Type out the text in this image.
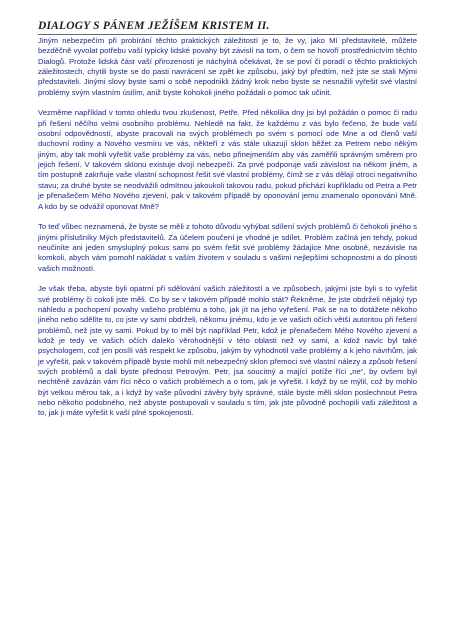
DIALOGY S PÁNEM JEŽÍŠEM KRISTEM II.

Jiným nebezpečím při probírání těchto praktických záležitostí je to, že vy, jako Mí představitelé, můžete bezděčně vyvolat potřebu vaší typicky lidské povahy být závislí na tom, o čem se hovoří prostřednictvím těchto Dialogů. Protože lidská část vaší přirozenosti je náchylná očekávat, že se poví či poradí o těchto praktických záležitostech, chytili byste se do pasti navrácení se zpět ke způsobu, jaký byl předtím, než jste se stali Mými představiteli. Jinými slovy byste sami o sobě nepodnikli žádný krok nebo byste se nesnažili vyřešit své vlastní problémy svým vlastním úsilím, aniž byste kohokoli jiného požádali o pomoc tak učinit.

Vezměme například v tomto ohledu tvou zkušenost, Petře. Před několika dny jsi byl požádán o pomoc či radu při řešení něčího velmi osobního problému. Nehledě na fakt, že každému z vás bylo řečeno, že bude vaší osobní odpovědností, abyste pracovali na svých problémech po svém s pomocí ode Mne a od členů vaší duchovní rodiny a Nového vesmíru ve vás, někteří z vás stále ukazují sklon běžet za Petrem nebo někým jiným, aby tak mohli vyřešit vaše problémy za vás, nebo přinejmenším aby vás zaměřili správným směrem pro jejich řešení. V takovém sklonu existuje dvojí nebezpečí. Za prvé podporuje vaši závislost na někom jiném, a tím postupně zakrňuje vaše vlastní schopnost řešit své vlastní problémy, čímž se z vás dělají otroci negativního stavu; za druhé byste se neodvážili odmítnou jakoukoli takovou radu, pokud přichází kupříkladu od Petra a Petr je přenašečem Mého Nového zjevení, pak v takovém případě by oponování jemu znamenalo oponování Mně. A kdo by se odvážil oponovat Mně?

To teď vůbec neznamená, že byste se měli z tohoto důvodu vyhýbat sdílení svých problémů či čehokoli jiného s jinými příslušníky Mých představitelů. Za účelem poučení je vhodné je sdílet. Problém začíná jen tehdy, pokud neučiníte ani jeden smysluplný pokus sami po svém řešit své problémy žádajíce Mne osobně, nezávisle na komkoli, abych vám pomohl nakládat s vaším životem v souladu s vašimi nejlepšími schopnostmi a do plnosti vašich možností.

Je však třeba, abyste byli opatrní při sdělování vašich záležitostí a ve způsobech, jakými jste byli s to vyřešit své problémy či cokoli jste měli. Co by se v takovém případě mohlo stát? Řekněme, že jste obdrželi nějaký typ náhledu a pochopení povahy vašeho problému a toho, jak jít na jeho vyřešení. Pak se na to dotážete někoho jiného nebo sdělíte to, co jste vy sami obdrželi, někomu jinému, kdo je ve vašich očích větší autoritou při řešení problémů, než jste vy sami. Pokud by to měl být například Petr, kdož je přenašečem Mého Nového zjevení a kdož je tedy ve vašich očích daleko věrohodnější v této oblasti než vy sami, a kdož navíc byl také psychologem, což jen posílí váš respekt ke způsobu, jakým by vyhodnotil vaše problémy a k jeho návrhům, jak je vyřešit, pak v takovém případě byste mohli mít nebezpečný sklon přemoci své vlastní nálezy a způsob řešení svých problémů a dali byste přednost Petrovým. Petr, jsa soucitný a mající potíže říci „ne“, by ovšem byl nechtěně zavázán vám říci něco o vašich problémech a o tom, jak je vyřešit. I když by se mýlil, což by mohlo být velkou měrou tak, a i když by vaše původní závěry byly správné, stále byste měli sklon poslechnout Petra nebo někoho podobného, než abyste postupovali v souladu s tím, jak jste původně pochopili vaši záležitost a to, jak ji máte vyřešit k vaší plné spokojenosti.
